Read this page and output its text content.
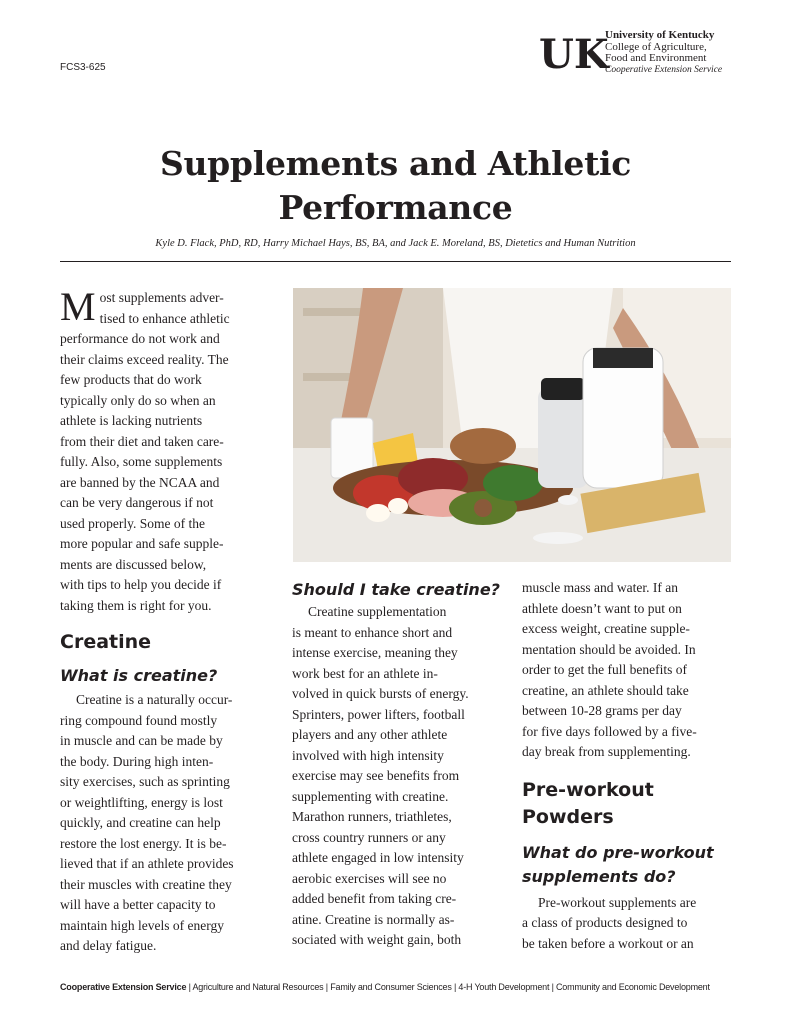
FCS3-625	UK
University of Kentucky
College of Agriculture,
Food and Environment
Cooperative Extension Service
Supplements and Athletic
Performance
Kyle D. Flack, PhD, RD, Harry Michael Hays, BS, BA, and Jack E. Moreland, BS, Dietetics and Human Nutrition

M ost supplements adver-
tised to enhance athletic
performance do not work and
their claims exceed reality. The
few products that do work
typically only do so when an
athlete is lacking nutrients
from their diet and taken care-
fully. Also, some supplements
are banned by the NCAA and
can be very dangerous if not
used properly. Some of the
more popular and safe supple-
ments are discussed below,
with tips to help you decide if
taking them is right for you.

Creatine
What is creatine?

Creatine is a naturally occur-
ring compound found mostly
in muscle and can be made by
the body. During high inten-
sity exercises, such as sprinting
or weightlifting, energy is lost
quickly, and creatine can help
restore the lost energy. It is be-
lieved that if an athlete provides
their muscles with creatine they
will have a better capacity to
maintain high levels of energy
and delay fatigue.

Should I take creatine?

Creatine supplementation
is meant to enhance short and
intense exercise, meaning they
work best for an athlete in-
volved in quick bursts of energy.
Sprinters, power lifters, football
players and any other athlete
involved with high intensity
exercise may see benefits from
supplementing with creatine.
Marathon runners, triathletes,
cross country runners or any
athlete engaged in low intensity
aerobic exercises will see no
added benefit from taking cre-
atine. Creatine is normally as-
sociated with weight gain, both

muscle mass and water. If an
athlete doesn’t want to put on
excess weight, creatine supple-
mentation should be avoided. In
order to get the full benefits of
creatine, an athlete should take
between 10-28 grams per day
for five days followed by a five-
day break from supplementing.

Pre-workout
Powders
What do pre-workout
supplements do?

Pre-workout supplements are
a class of products designed to
be taken before a workout or an

Cooperative Extension Service | Agriculture and Natural Resources | Family and Consumer Sciences | 4-H Youth Development | Community and Economic Development
